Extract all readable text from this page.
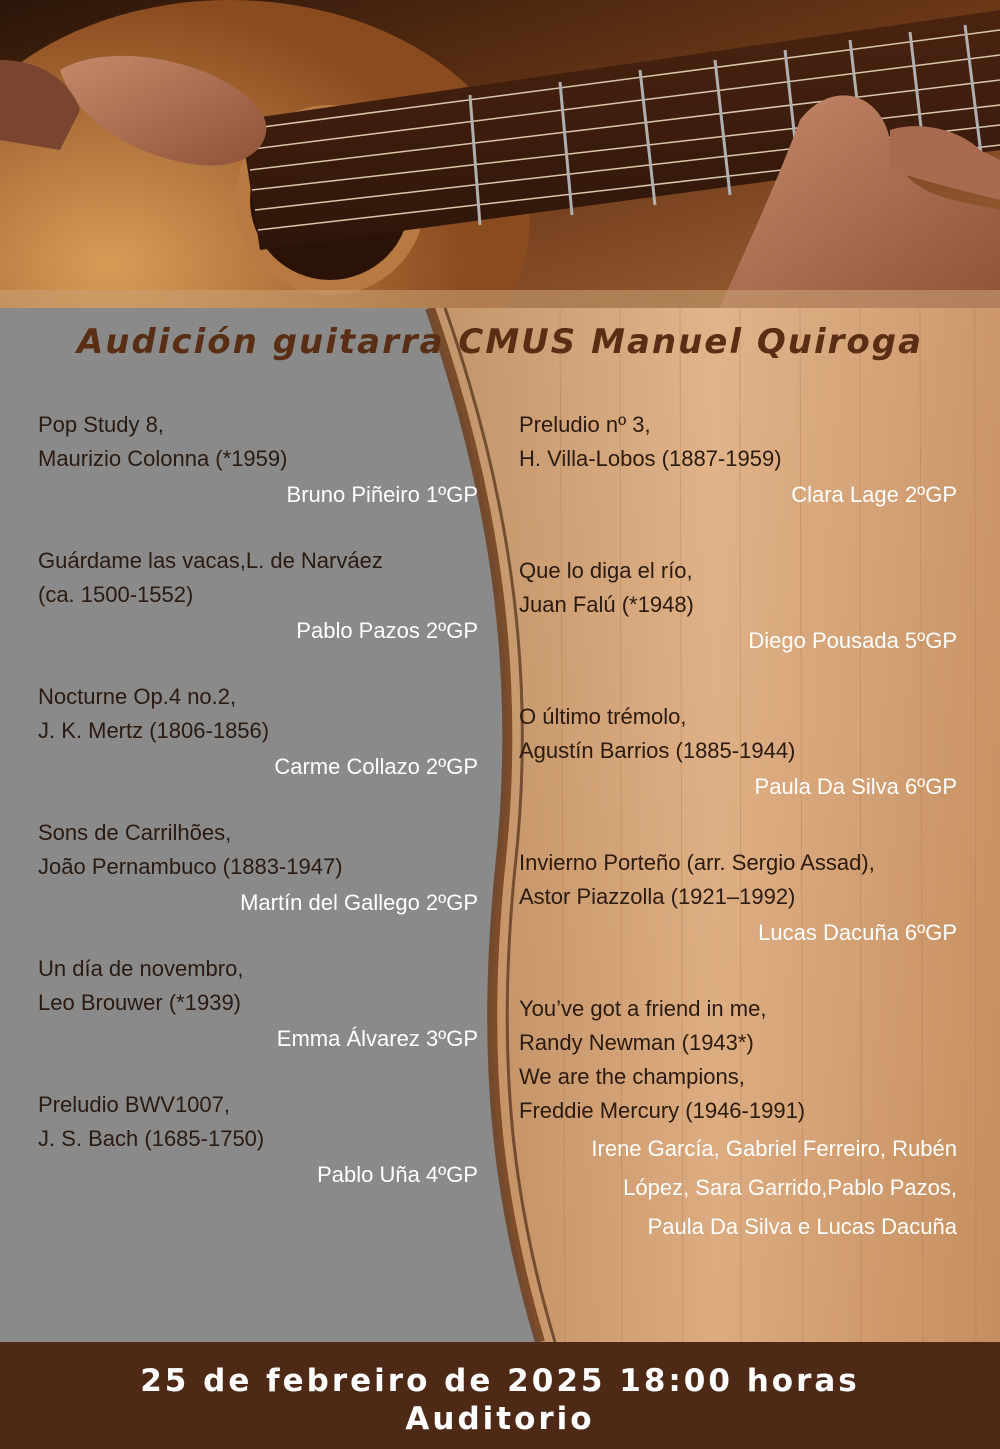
Audición guitarra CMUS Manuel Quiroga
Pop Study 8,
Maurizio Colonna (*1959)
Bruno Piñeiro 1ºGP
Guárdame las vacas,L. de Narváez
(ca. 1500-1552)
Pablo Pazos 2ºGP
Nocturne Op.4 no.2,
J. K. Mertz (1806-1856)
Carme Collazo 2ºGP
Sons de Carrilhões,
João Pernambuco (1883-1947)
Martín del Gallego 2ºGP
Un día de novembro,
Leo Brouwer (*1939)
Emma Álvarez 3ºGP
Preludio BWV1007,
J. S. Bach (1685-1750)
Pablo Uña 4ºGP
Preludio nº 3,
H. Villa-Lobos (1887-1959)
Clara Lage 2ºGP
Que lo diga el río,
Juan Falú (*1948)
Diego Pousada 5ºGP
O último trémolo,
Agustín Barrios (1885-1944)
Paula Da Silva 6ºGP
Invierno Porteño (arr. Sergio Assad),
Astor Piazzolla (1921–1992)
Lucas Dacuña 6ºGP
You’ve got a friend in me,
Randy Newman (1943*)
We are the champions,
Freddie Mercury (1946-1991)
Irene García, Gabriel Ferreiro, Rubén
López, Sara Garrido,Pablo Pazos,
Paula Da Silva e Lucas Dacuña
25 de febreiro de 2025 18:00 horas
Auditorio
